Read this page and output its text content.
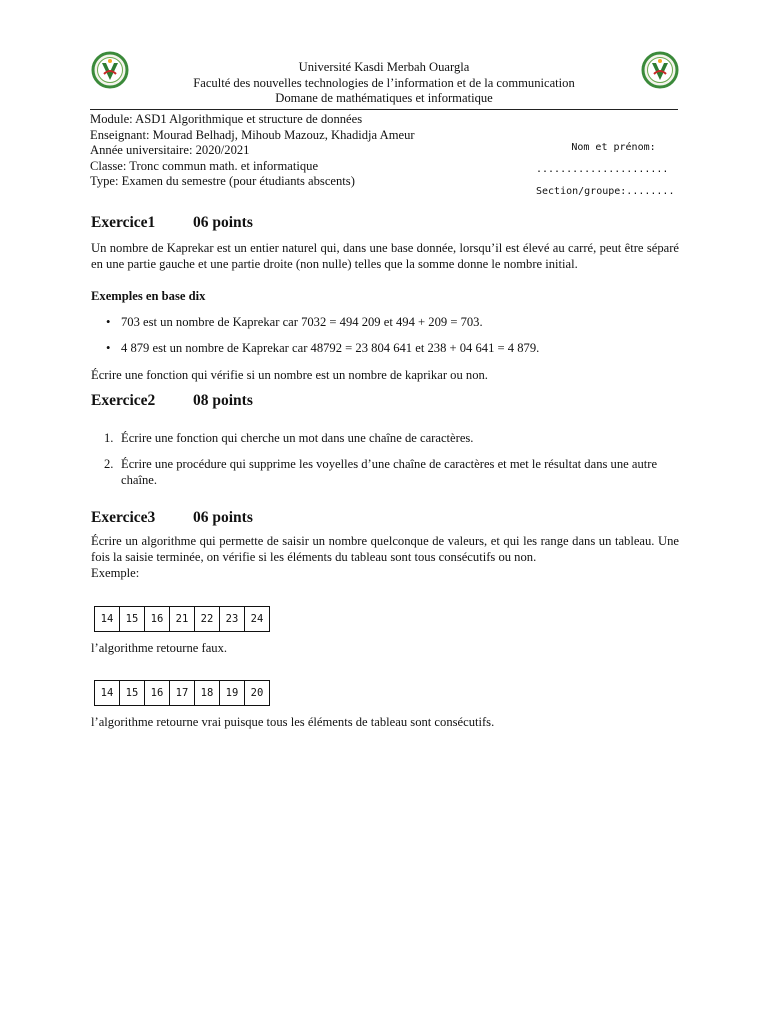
Université Kasdi Merbah Ouargla
Faculté des nouvelles technologies de l’information et de la communication
Domane de mathématiques et informatique
Module: ASD1 Algorithmique et structure de données
Enseignant: Mourad Belhadj, Mihoub Mazouz, Khadidja Ameur
Année universitaire: 2020/2021
Classe: Tronc commun math. et informatique
Type: Examen du semestre (pour étudiants abscents)
Nom et prénom:
......................
Section/groupe:........
Exercice1 06 points
Un nombre de Kaprekar est un entier naturel qui, dans une base donnée, lorsqu’il est élevé au carré, peut être séparé en une partie gauche et une partie droite (non nulle) telles que la somme donne le nombre initial.
Exemples en base dix
• 703 est un nombre de Kaprekar car 7032 = 494 209 et 494 + 209 = 703.
• 4 879 est un nombre de Kaprekar car 48792 = 23 804 641 et 238 + 04 641 = 4 879.
Écrire une fonction qui vérifie si un nombre est un nombre de kaprikar ou non.
Exercice2 08 points
1. Écrire une fonction qui cherche un mot dans une chaîne de caractères.
2. Écrire une procédure qui supprime les voyelles d’une chaîne de caractères et met le résultat dans une autre chaîne.
Exercice3 06 points
Écrire un algorithme qui permette de saisir un nombre quelconque de valeurs, et qui les range dans un tableau. Une fois la saisie terminée, on vérifie si les éléments du tableau sont tous consécutifs ou non.
Exemple:
14	15	16	21	22	23	24
l’algorithme retourne faux.
14	15	16	17	18	19	20
l’algorithme retourne vrai puisque tous les éléments de tableau sont consécutifs.
